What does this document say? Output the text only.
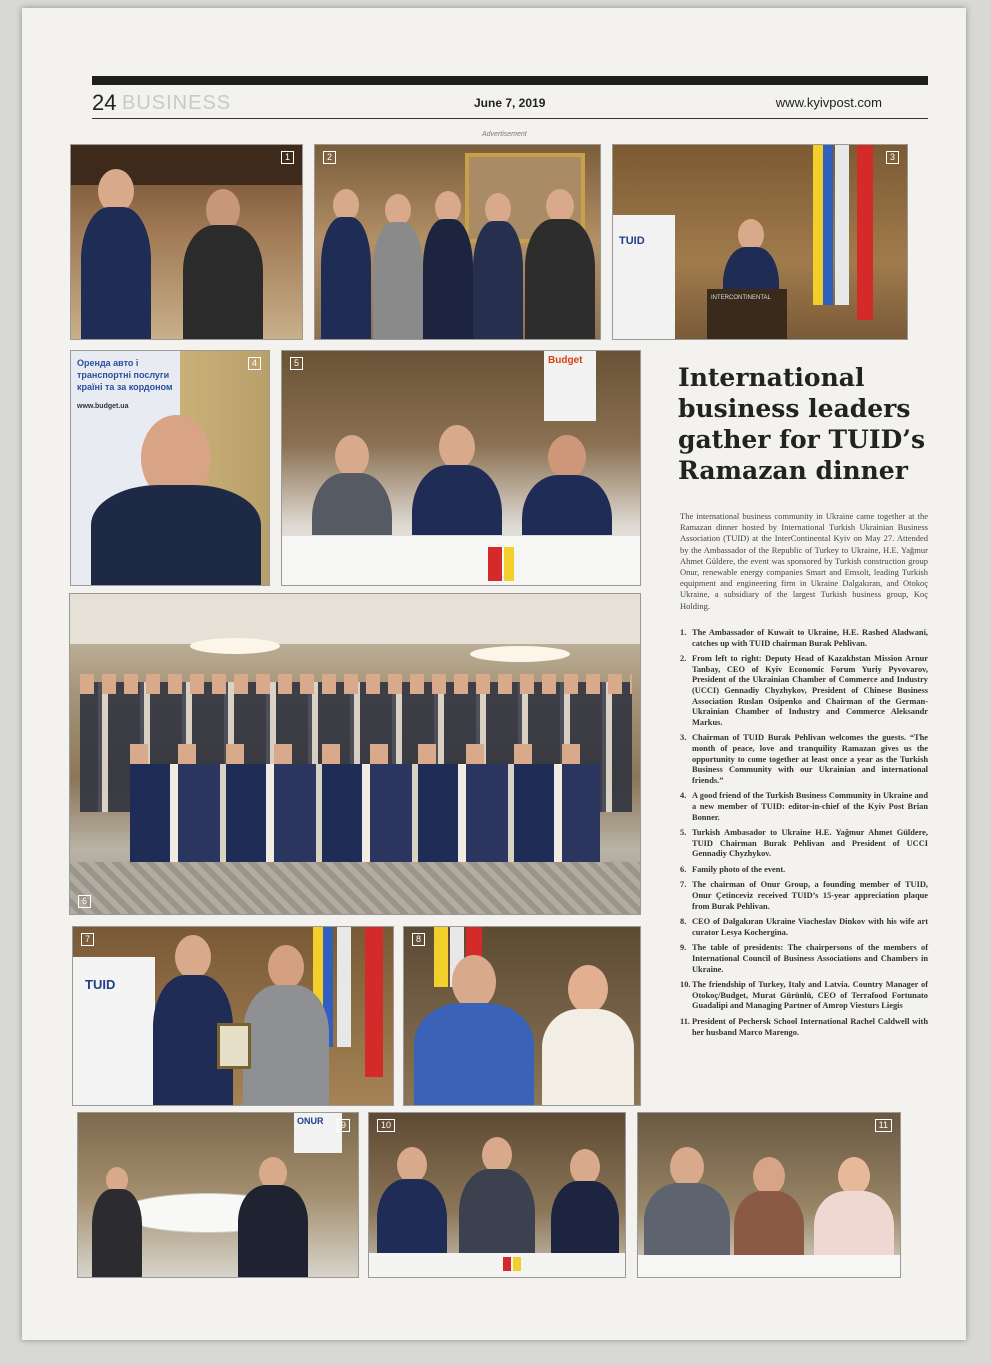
24 BUSINESS	June 7, 2019	www.kyivpost.com
Advertisement
1	2
TUID
INTERCONTINENTAL
3
Оренда авто і
транспортні послуги
країні та за кордоном
www.budget.ua
4	Budget
5
6
TUID
7	8
ONUR	9	10	11
International business leaders gather for TUID’s Ramazan dinner

The international business community in Ukraine came together at the Ramazan dinner hosted by International Turkish Ukrainian Business Association (TUID) at the InterContinental Kyiv on May 27. Attended by the Ambassador of the Republic of Turkey to Ukraine, H.E. Yağmur Ahmet Güldere, the event was sponsored by Turkish construction group Onur, renewable energy companies Smart and Emsolt, leading Turkish equipment and engineering firm in Ukraine Dalgakıran, and Otokoç Ukraine, a subsidiary of the largest Turkish business group, Koç Holding.

1. The Ambassador of Kuwait to Ukraine, H.E. Rashed Aladwani, catches up with TUID chairman Burak Pehlivan.
2. From left to right: Deputy Head of Kazakhstan Mission Arnur Tanbay, CEO of Kyiv Economic Forum Yuriy Pyvovarov, President of the Ukrainian Chamber of Commerce and Industry (UCCI) Gennadiy Chyzhykov, President of Chinese Business Association Ruslan Osipenko and Chairman of the German-Ukrainian Chamber of Industry and Commerce Aleksandr Markus.
3. Chairman of TUID Burak Pehlivan welcomes the guests. “The month of peace, love and tranquility Ramazan gives us the opportunity to come together at least once a year as the Turkish Business Community with our Ukrainian and international friends.”
4. A good friend of the Turkish Business Community in Ukraine and a new member of TUID: editor-in-chief of the Kyiv Post Brian Bonner.
5. Turkish Ambasador to Ukraine H.E. Yağmur Ahmet Güldere, TUID Chairman Burak Pehlivan and President of UCCI Gennadiy Chyzhykov.
6. Family photo of the event.
7. The chairman of Onur Group, a founding member of TUID, Onur Çetinceviz received TUID’s 15-year appreciation plaque from Burak Pehlivan.
8. CEO of Dalgakıran Ukraine Viacheslav Dinkov with his wife art curator Lesya Kochergina.
9. The table of presidents: The chairpersons of the members of International Council of Business Associations and Chambers in Ukraine.
10. The friendship of Turkey, Italy and Latvia. Country Manager of Otokoç/Budget, Murat Gürünlü, CEO of Terrafood Fortunato Guadalipi and Managing Partner of Amrop Viesturs Liegis
11. President of Pechersk School International Rachel Caldwell with her husband Marco Marengo.
